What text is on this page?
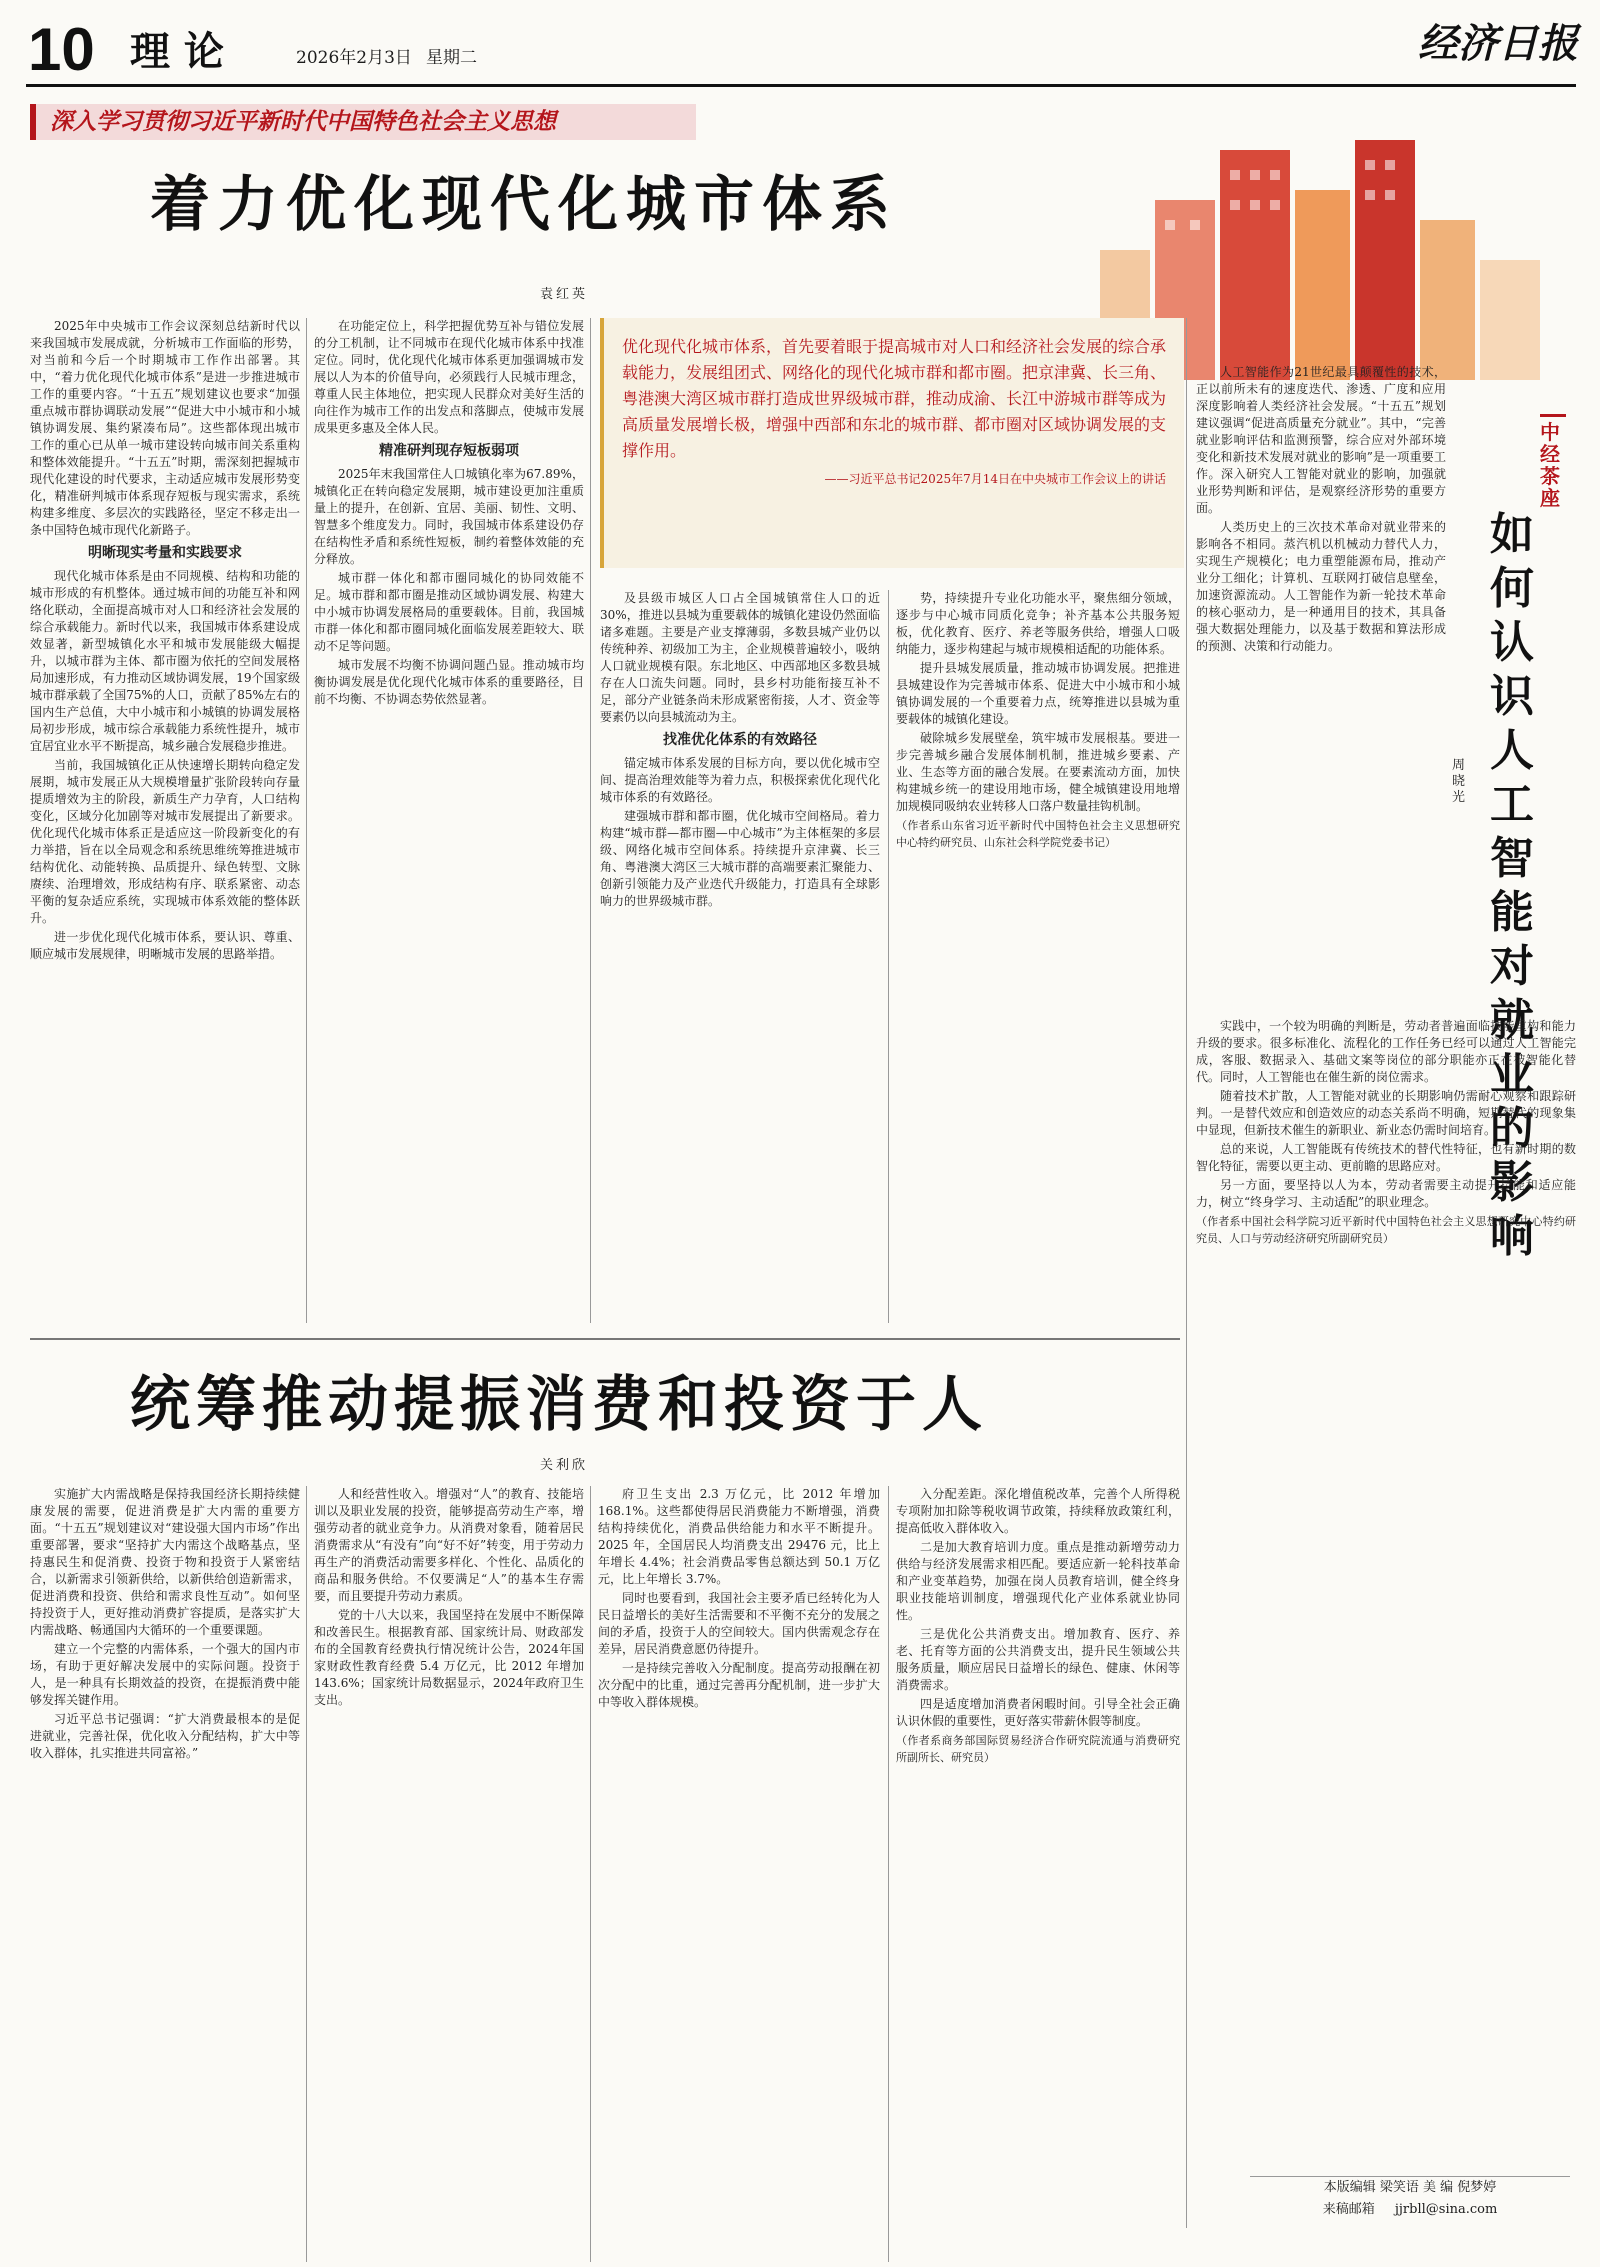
10 理 论	2026年2月3日 星期二	经济日报
深入学习贯彻习近平新时代中国特色社会主义思想
着力优化现代化城市体系
袁红英
优化现代化城市体系，首先要着眼于提高城市对人口和经济社会发展的综合承载能力，发展组团式、网络化的现代化城市群和都市圈。把京津冀、长三角、粤港澳大湾区城市群打造成世界级城市群，推动成渝、长江中游城市群等成为高质量发展增长极，增强中西部和东北的城市群、都市圈对区域协调发展的支撑作用。
——习近平总书记2025年7月14日在中央城市工作会议上的讲话

2025年中央城市工作会议深刻总结新时代以来我国城市发展成就，分析城市工作面临的形势，对当前和今后一个时期城市工作作出部署。其中，“着力优化现代化城市体系”是进一步推进城市工作的重要内容。“十五五”规划建议也要求“加强重点城市群协调联动发展”“促进大中小城市和小城镇协调发展、集约紧凑布局”。这些都体现出城市工作的重心已从单一城市建设转向城市间关系重构和整体效能提升。“十五五”时期，需深刻把握城市现代化建设的时代要求，主动适应城市发展形势变化，精准研判城市体系现存短板与现实需求，系统构建多维度、多层次的实践路径，坚定不移走出一条中国特色城市现代化新路子。

明晰现实考量和实践要求

现代化城市体系是由不同规模、结构和功能的城市形成的有机整体。通过城市间的功能互补和网络化联动，全面提高城市对人口和经济社会发展的综合承载能力。新时代以来，我国城市体系建设成效显著，新型城镇化水平和城市发展能级大幅提升，以城市群为主体、都市圈为依托的空间发展格局加速形成，有力推动区域协调发展，19个国家级城市群承载了全国75%的人口，贡献了85%左右的国内生产总值，大中小城市和小城镇的协调发展格局初步形成，城市综合承载能力系统性提升，城市宜居宜业水平不断提高，城乡融合发展稳步推进。

当前，我国城镇化正从快速增长期转向稳定发展期，城市发展正从大规模增量扩张阶段转向存量提质增效为主的阶段，新质生产力孕育，人口结构变化，区域分化加剧等对城市发展提出了新要求。优化现代化城市体系正是适应这一阶段新变化的有力举措，旨在以全局观念和系统思维统筹推进城市结构优化、动能转换、品质提升、绿色转型、文脉赓续、治理增效，形成结构有序、联系紧密、动态平衡的复杂适应系统，实现城市体系效能的整体跃升。

进一步优化现代化城市体系，要认识、尊重、顺应城市发展规律，明晰城市发展的思路举措。

在功能定位上，科学把握优势互补与错位发展的分工机制，让不同城市在现代化城市体系中找准定位。同时，优化现代化城市体系更加强调城市发展以人为本的价值导向，必须践行人民城市理念，尊重人民主体地位，把实现人民群众对美好生活的向往作为城市工作的出发点和落脚点，使城市发展成果更多惠及全体人民。

精准研判现存短板弱项

2025年末我国常住人口城镇化率为67.89%，城镇化正在转向稳定发展期，城市建设更加注重质量上的提升，在创新、宜居、美丽、韧性、文明、智慧多个维度发力。同时，我国城市体系建设仍存在结构性矛盾和系统性短板，制约着整体效能的充分释放。

城市群一体化和都市圈同城化的协同效能不足。城市群和都市圈是推动区域协调发展、构建大中小城市协调发展格局的重要载体。目前，我国城市群一体化和都市圈同城化面临发展差距较大、联动不足等问题。

城市发展不均衡不协调问题凸显。推动城市均衡协调发展是优化现代化城市体系的重要路径，目前不均衡、不协调态势依然显著。

及县级市城区人口占全国城镇常住人口的近30%，推进以县城为重要载体的城镇化建设仍然面临诸多难题。主要是产业支撑薄弱，多数县城产业仍以传统种养、初级加工为主，企业规模普遍较小，吸纳人口就业规模有限。东北地区、中西部地区多数县城存在人口流失问题。同时，县乡村功能衔接互补不足，部分产业链条尚未形成紧密衔接，人才、资金等要素仍以向县城流动为主。

找准优化体系的有效路径

锚定城市体系发展的目标方向，要以优化城市空间、提高治理效能等为着力点，积极探索优化现代化城市体系的有效路径。

建强城市群和都市圈，优化城市空间格局。着力构建“城市群—都市圈—中心城市”为主体框架的多层级、网络化城市空间体系。持续提升京津冀、长三角、粤港澳大湾区三大城市群的高端要素汇聚能力、创新引领能力及产业迭代升级能力，打造具有全球影响力的世界级城市群。

势，持续提升专业化功能水平，聚焦细分领域，逐步与中心城市同质化竞争；补齐基本公共服务短板，优化教育、医疗、养老等服务供给，增强人口吸纳能力，逐步构建起与城市规模相适配的功能体系。

提升县城发展质量，推动城市协调发展。把推进县城建设作为完善城市体系、促进大中小城市和小城镇协调发展的一个重要着力点，统筹推进以县城为重要载体的城镇化建设。

破除城乡发展壁垒，筑牢城市发展根基。要进一步完善城乡融合发展体制机制，推进城乡要素、产业、生态等方面的融合发展。在要素流动方面，加快构建城乡统一的建设用地市场，健全城镇建设用地增加规模同吸纳农业转移人口落户数量挂钩机制。

（作者系山东省习近平新时代中国特色社会主义思想研究中心特约研究员、山东社会科学院党委书记）

中经茶座
如何认识人工智能对就业的影响
周晓光

人工智能作为21世纪最具颠覆性的技术，正以前所未有的速度迭代、渗透、广度和应用深度影响着人类经济社会发展。“十五五”规划建议强调“促进高质量充分就业”。其中，“完善就业影响评估和监测预警，综合应对外部环境变化和新技术发展对就业的影响”是一项重要工作。深入研究人工智能对就业的影响，加强就业形势判断和评估，是观察经济形势的重要方面。

人类历史上的三次技术革命对就业带来的影响各不相同。蒸汽机以机械动力替代人力，实现生产规模化；电力重塑能源布局，推动产业分工细化；计算机、互联网打破信息壁垒，加速资源流动。人工智能作为新一轮技术革命的核心驱动力，是一种通用目的技术，其具备强大数据处理能力，以及基于数据和算法形成的预测、决策和行动能力。

实践中，一个较为明确的判断是，劳动者普遍面临技能重构和能力升级的要求。很多标准化、流程化的工作任务已经可以通过人工智能完成，客服、数据录入、基础文案等岗位的部分职能亦正在被智能化替代。同时，人工智能也在催生新的岗位需求。

随着技术扩散，人工智能对就业的长期影响仍需耐心观察和跟踪研判。一是替代效应和创造效应的动态关系尚不明确，短期替代的现象集中显现，但新技术催生的新职业、新业态仍需时间培育。

总的来说，人工智能既有传统技术的替代性特征，也有新时期的数智化特征，需要以更主动、更前瞻的思路应对。

另一方面，要坚持以人为本，劳动者需要主动提升技能和适应能力，树立“终身学习、主动适配”的职业理念。

（作者系中国社会科学院习近平新时代中国特色社会主义思想研究中心特约研究员、人口与劳动经济研究所副研究员）

本版编辑 梁笑语 美 编 倪梦婷
来稿邮箱 jjrbll@sina.com
统筹推动提振消费和投资于人
关利欣

实施扩大内需战略是保持我国经济长期持续健康发展的需要，促进消费是扩大内需的重要方面。“十五五”规划建议对“建设强大国内市场”作出重要部署，要求“坚持扩大内需这个战略基点，坚持惠民生和促消费、投资于物和投资于人紧密结合，以新需求引领新供给，以新供给创造新需求，促进消费和投资、供给和需求良性互动”。如何坚持投资于人，更好推动消费扩容提质，是落实扩大内需战略、畅通国内大循环的一个重要课题。

建立一个完整的内需体系，一个强大的国内市场，有助于更好解决发展中的实际问题。投资于人，是一种具有长期效益的投资，在提振消费中能够发挥关键作用。

习近平总书记强调：“扩大消费最根本的是促进就业，完善社保，优化收入分配结构，扩大中等收入群体，扎实推进共同富裕。”

人和经营性收入。增强对“人”的教育、技能培训以及职业发展的投资，能够提高劳动生产率，增强劳动者的就业竞争力。从消费对象看，随着居民消费需求从“有没有”向“好不好”转变，用于劳动力再生产的消费活动需要多样化、个性化、品质化的商品和服务供给。不仅要满足“人”的基本生存需要，而且要提升劳动力素质。

党的十八大以来，我国坚持在发展中不断保障和改善民生。根据教育部、国家统计局、财政部发布的全国教育经费执行情况统计公告，2024年国家财政性教育经费 5.4 万亿元，比 2012 年增加 143.6%；国家统计局数据显示，2024年政府卫生支出。

府卫生支出 2.3 万亿元，比 2012 年增加 168.1%。这些都使得居民消费能力不断增强，消费结构持续优化，消费品供给能力和水平不断提升。2025 年，全国居民人均消费支出 29476 元，比上年增长 4.4%；社会消费品零售总额达到 50.1 万亿元，比上年增长 3.7%。

同时也要看到，我国社会主要矛盾已经转化为人民日益增长的美好生活需要和不平衡不充分的发展之间的矛盾，投资于人的空间较大。国内供需观念存在差异，居民消费意愿仍待提升。

一是持续完善收入分配制度。提高劳动报酬在初次分配中的比重，通过完善再分配机制，进一步扩大中等收入群体规模。

入分配差距。深化增值税改革，完善个人所得税专项附加扣除等税收调节政策，持续释放政策红利，提高低收入群体收入。

二是加大教育培训力度。重点是推动新增劳动力供给与经济发展需求相匹配。要适应新一轮科技革命和产业变革趋势，加强在岗人员教育培训，健全终身职业技能培训制度，增强现代化产业体系就业协同性。

三是优化公共消费支出。增加教育、医疗、养老、托育等方面的公共消费支出，提升民生领域公共服务质量，顺应居民日益增长的绿色、健康、休闲等消费需求。

四是适度增加消费者闲暇时间。引导全社会正确认识休假的重要性，更好落实带薪休假等制度。

（作者系商务部国际贸易经济合作研究院流通与消费研究所副所长、研究员）
